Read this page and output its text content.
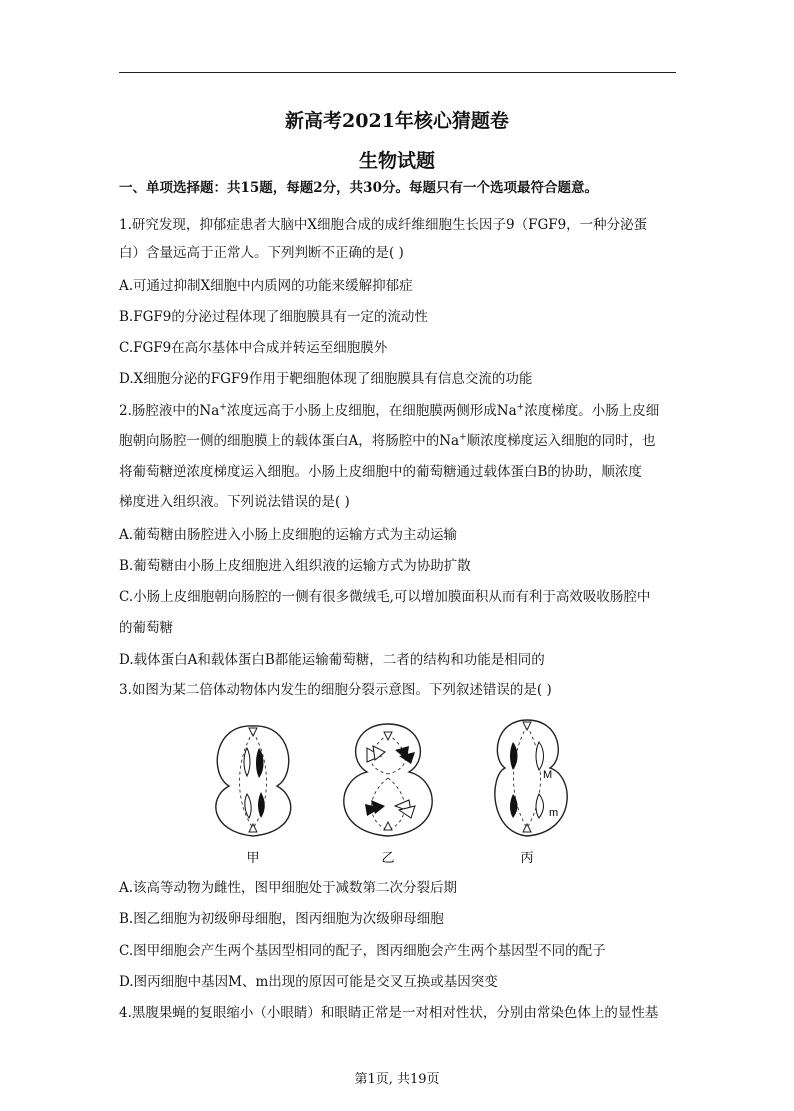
新高考2021年核心猜题卷
生物试题
一、单项选择题：共15题，每题2分，共30分。每题只有一个选项最符合题意。
1.研究发现，抑郁症患者大脑中X细胞合成的成纤维细胞生长因子9（FGF9，一种分泌蛋
白）含量远高于正常人。下列判断不正确的是( )
A.可通过抑制X细胞中内质网的功能来缓解抑郁症
B.FGF9的分泌过程体现了细胞膜具有一定的流动性
C.FGF9在高尔基体中合成并转运至细胞膜外
D.X细胞分泌的FGF9作用于靶细胞体现了细胞膜具有信息交流的功能
2.肠腔液中的Na+浓度远高于小肠上皮细胞，在细胞膜两侧形成Na+浓度梯度。小肠上皮细
胞朝向肠腔一侧的细胞膜上的载体蛋白A，将肠腔中的Na+顺浓度梯度运入细胞的同时，也
将葡萄糖逆浓度梯度运入细胞。小肠上皮细胞中的葡萄糖通过载体蛋白B的协助，顺浓度
梯度进入组织液。下列说法错误的是( )
A.葡萄糖由肠腔进入小肠上皮细胞的运输方式为主动运输
B.葡萄糖由小肠上皮细胞进入组织液的运输方式为协助扩散
C.小肠上皮细胞朝向肠腔的一侧有很多微绒毛,可以增加膜面积从而有利于高效吸收肠腔中
的葡萄糖
D.载体蛋白A和载体蛋白B都能运输葡萄糖，二者的结构和功能是相同的
3.如图为某二倍体动物体内发生的细胞分裂示意图。下列叙述错误的是( )
M
m
甲	乙	丙
A.该高等动物为雌性，图甲细胞处于减数第二次分裂后期
B.图乙细胞为初级卵母细胞，图丙细胞为次级卵母细胞
C.图甲细胞会产生两个基因型相同的配子，图丙细胞会产生两个基因型不同的配子
D.图丙细胞中基因M、m出现的原因可能是交叉互换或基因突变
4.黑腹果蝇的复眼缩小（小眼睛）和眼睛正常是一对相对性状，分别由常染色体上的显性基
第1页, 共19页
